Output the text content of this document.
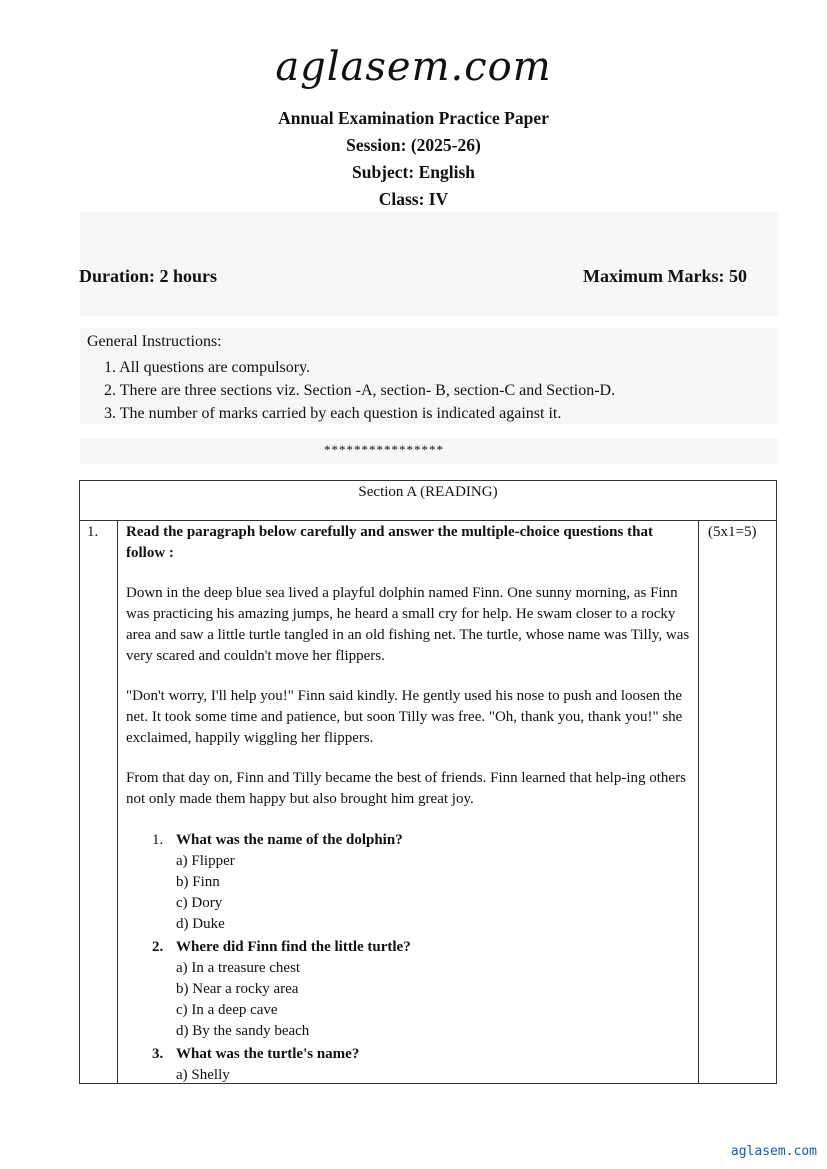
aglasem.com
Annual Examination Practice Paper
Session: (2025-26)
Subject: English
Class: IV
Duration: 2 hours	Maximum Marks: 50
General Instructions:
1. All questions are compulsory.
2. There are three sections viz. Section -A, section- B, section-C and Section-D.
3. The number of marks carried by each question is indicated against it.
****************
Section A (READING)
1.	(5x1=5)
Read the paragraph below carefully and answer the multiple-choice questions that follow :
Down in the deep blue sea lived a playful dolphin named Finn. One sunny morning, as Finn was practicing his amazing jumps, he heard a small cry for help. He swam closer to a rocky area and saw a little turtle tangled in an old fishing net. The turtle, whose name was Tilly, was very scared and couldn't move her flippers.
"Don't worry, I'll help you!" Finn said kindly. He gently used his nose to push and loosen the net. It took some time and patience, but soon Tilly was free. "Oh, thank you, thank you!" she exclaimed, happily wiggling her flippers.
From that day on, Finn and Tilly became the best of friends. Finn learned that help-ing others not only made them happy but also brought him great joy.
1. What was the name of the dolphin?
a) Flipper
b) Finn
c) Dory
d) Duke
2. Where did Finn find the little turtle?
a) In a treasure chest
b) Near a rocky area
c) In a deep cave
d) By the sandy beach
3. What was the turtle's name?
a) Shelly
aglasem.com
